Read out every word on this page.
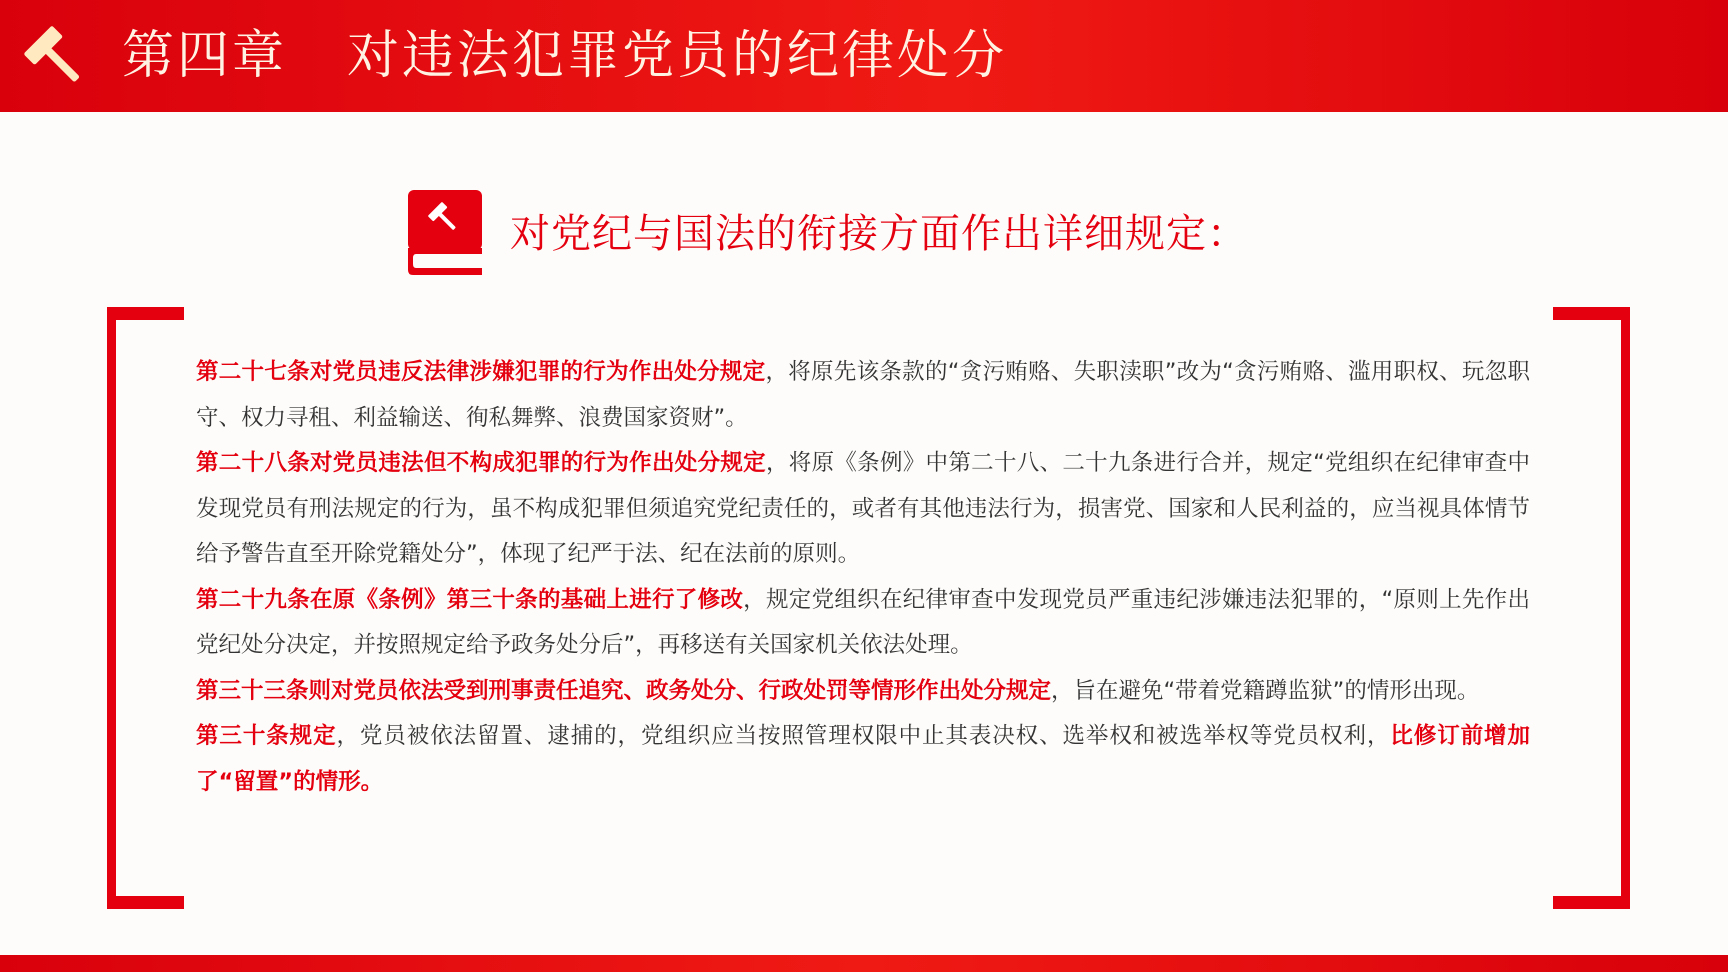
第四章 对违法犯罪党员的纪律处分
对党纪与国法的衔接方面作出详细规定：

第二十七条对党员违反法律涉嫌犯罪的行为作出处分规定，将原先该条款的“贪污贿赂、失职渎职”改为“贪污贿赂、滥用职权、玩忽职守、权力寻租、利益输送、徇私舞弊、浪费国家资财”。

第二十八条对党员违法但不构成犯罪的行为作出处分规定，将原《条例》中第二十八、二十九条进行合并，规定“党组织在纪律审查中发现党员有刑法规定的行为，虽不构成犯罪但须追究党纪责任的，或者有其他违法行为，损害党、国家和人民利益的，应当视具体情节给予警告直至开除党籍处分”，体现了纪严于法、纪在法前的原则。

第二十九条在原《条例》第三十条的基础上进行了修改，规定党组织在纪律审查中发现党员严重违纪涉嫌违法犯罪的，“原则上先作出党纪处分决定，并按照规定给予政务处分后”，再移送有关国家机关依法处理。

第三十三条则对党员依法受到刑事责任追究、政务处分、行政处罚等情形作出处分规定，旨在避免“带着党籍蹲监狱”的情形出现。

第三十条规定，党员被依法留置、逮捕的，党组织应当按照管理权限中止其表决权、选举权和被选举权等党员权利，比修订前增加了“留置”的情形。
